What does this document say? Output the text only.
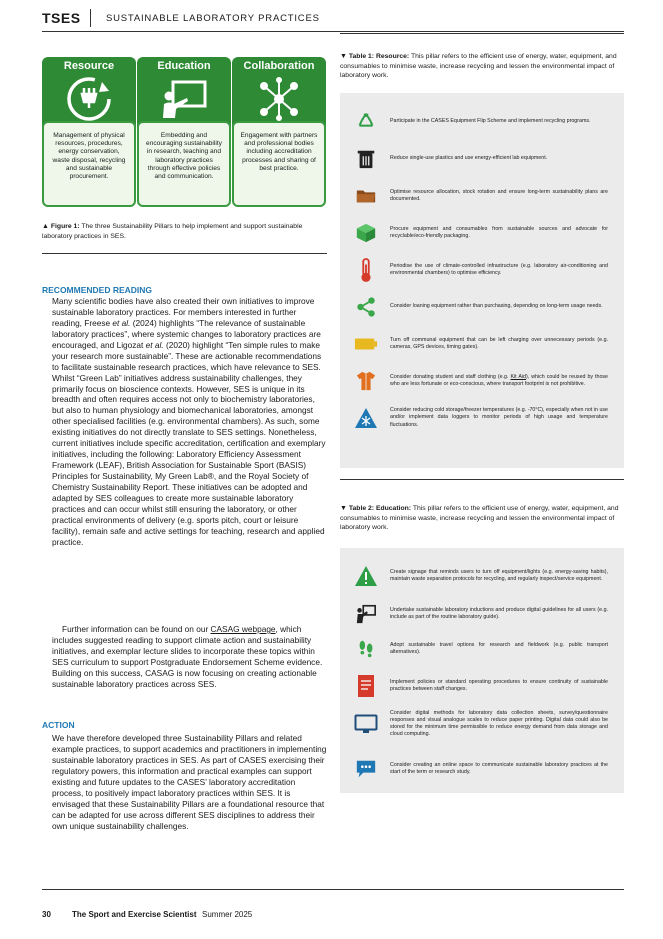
TSES	SUSTAINABLE LABORATORY PRACTICES
Resource	Education	Collaboration
Management of physical resources, procedures, energy conservation, waste disposal, recycling and sustainable procurement.
Embedding and encouraging sustainability in research, teaching and laboratory practices through effective policies and communication.
Engagement with partners and professional bodies including accreditation processes and sharing of best practice.
▲ Figure 1: The three Sustainability Pillars to help implement and support sustainable laboratory practices in SES.
RECOMMENDED READING
Many scientific bodies have also created their own initiatives to improve sustainable laboratory practices. For members interested in further reading, Freese et al. (2024) highlights “The relevance of sustainable laboratory practices”, where systemic changes to laboratory practices are encouraged, and Ligozat et al. (2020) highlight “Ten simple rules to make your research more sustainable”. These are actionable recommendations to facilitate sustainable research practices, which have relevance to SES. Whilst “Green Lab” initiatives address sustainability challenges, they primarily focus on bioscience contexts. However, SES is unique in its breadth and often requires access not only to biochemistry laboratories, but also to human physiology and biomechanical laboratories, amongst other specialised facilities (e.g. environmental chambers). As such, some existing initiatives do not directly translate to SES settings. Nonetheless, current initiatives include specific accreditation, certification and exemplary initiatives, including the following: Laboratory Efficiency Assessment Framework (LEAF), British Association for Sustainable Sport (BASIS) Principles for Sustainability, My Green Lab®, and the Royal Society of Chemistry Sustainability Report. These initiatives can be adopted and adapted by SES colleagues to create more sustainable laboratory practices and can occur whilst still ensuring the laboratory, or other practical environments of delivery (e.g. sports pitch, court or leisure facility), remain safe and active settings for teaching, research and applied practice.
Further information can be found on our CASAG webpage, which includes suggested reading to support climate action and sustainability initiatives, and exemplar lecture slides to incorporate these topics within SES curriculum to support Postgraduate Endorsement Scheme evidence. Building on this success, CASAG is now focusing on creating actionable sustainable laboratory practices across SES.
ACTION
We have therefore developed three Sustainability Pillars and related example practices, to support academics and practitioners in implementing sustainable laboratory practices in SES. As part of CASES exercising their regulatory powers, this information and practical examples can support existing and future updates to the CASES’ laboratory accreditation process, to positively impact laboratory practices within SES. It is envisaged that these Sustainability Pillars are a foundational resource that can be adapted for use across different SES disciplines to address their own unique sustainability challenges.
▼ Table 1: Resource: This pillar refers to the efficient use of energy, water, equipment, and consumables to minimise waste, increase recycling and lessen the environmental impact of laboratory work.
Participate in the CASES Equipment Flip Scheme and implement recycling programs.
Reduce single-use plastics and use energy-efficient lab equipment.
Optimise resource allocation, stock rotation and ensure long-term sustainability plans are documented.
Procure equipment and consumables from sustainable sources and advocate for recyclable/eco-friendly packaging.
Periodise the use of climate-controlled infrastructure (e.g. laboratory air-conditioning and environmental chambers) to optimise efficiency.
Consider loaning equipment rather than purchasing, depending on long-term usage needs.
Turn off communal equipment that can be left charging over unnecessary periods (e.g. cameras, GPS devices, timing gates).
Consider donating student and staff clothing (e.g. Kit Aid), which could be reused by those who are less fortunate or eco-conscious, where transport footprint is not prohibitive.
Consider reducing cold storage/freezer temperatures (e.g. -70°C), especially when not in use and/or implement data loggers to monitor periods of high usage and temperature fluctuations.
▼ Table 2: Education: This pillar refers to the efficient use of energy, water, equipment, and consumables to minimise waste, increase recycling and lessen the environmental impact of laboratory work.
Create signage that reminds users to turn off equipment/lights (e.g. energy-saving habits), maintain waste separation protocols for recycling, and regularly inspect/service equipment.
Undertake sustainable laboratory inductions and produce digital guidelines for all users (e.g. include as part of the routine laboratory guide).
Adopt sustainable travel options for research and fieldwork (e.g. public transport alternatives).
Implement policies or standard operating procedures to ensure continuity of sustainable practices between staff changes.
Consider digital methods for laboratory data collection sheets, survey/questionnaire responses and visual analogue scales to reduce paper printing. Digital data could also be stored for the minimum time permissible to reduce energy demand from data storage and cloud computing.
Consider creating an online space to communicate sustainable laboratory practices at the start of the term or research study.
30	The Sport and Exercise Scientist Summer 2025
